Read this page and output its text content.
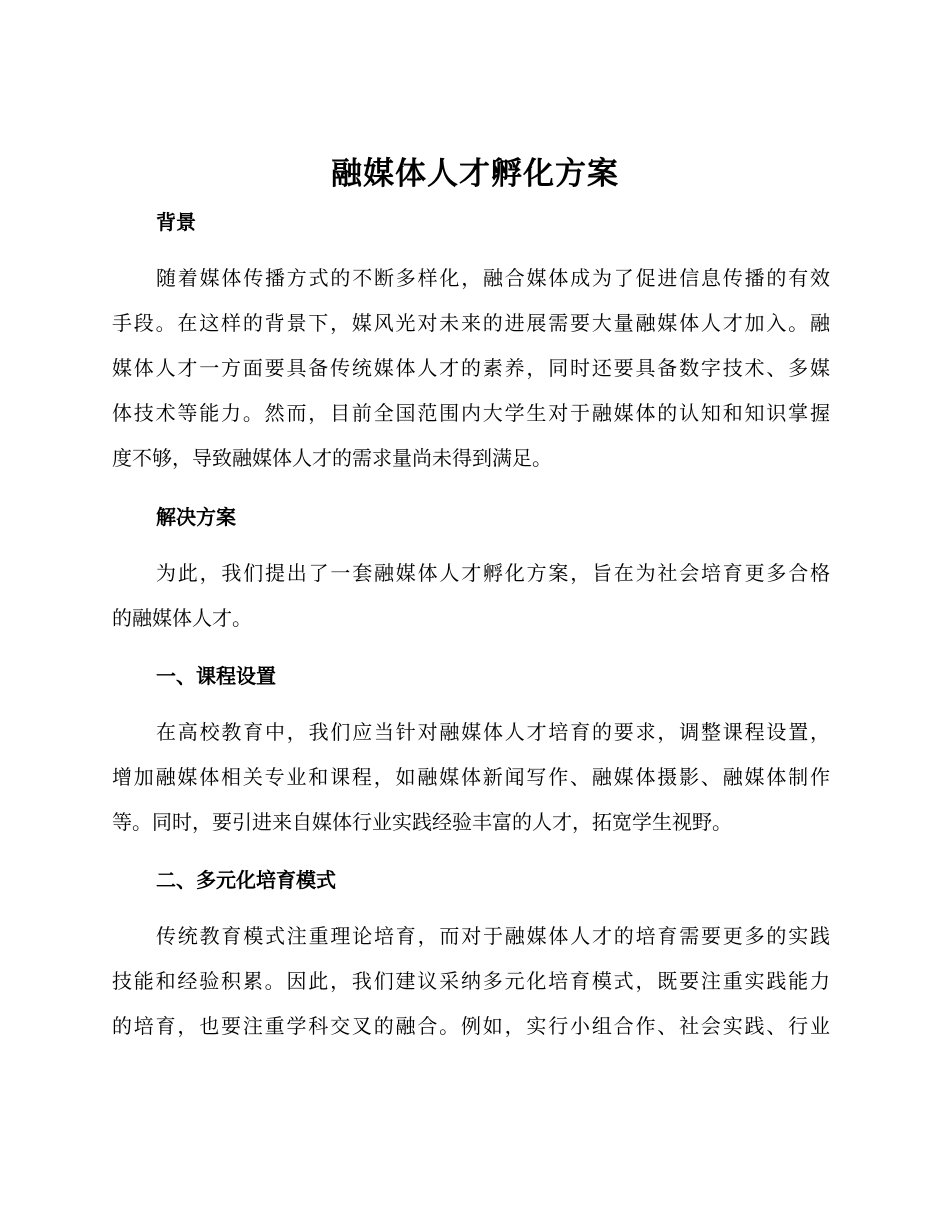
融媒体人才孵化方案
背景
随着媒体传播方式的不断多样化，融合媒体成为了促进信息传播的有效
手段。在这样的背景下，媒风光对未来的进展需要大量融媒体人才加入。融
媒体人才一方面要具备传统媒体人才的素养，同时还要具备数字技术、多媒
体技术等能力。然而，目前全国范围内大学生对于融媒体的认知和知识掌握
度不够，导致融媒体人才的需求量尚未得到满足。
解决方案
为此，我们提出了一套融媒体人才孵化方案，旨在为社会培育更多合格
的融媒体人才。
一、课程设置
在高校教育中，我们应当针对融媒体人才培育的要求，调整课程设置，
增加融媒体相关专业和课程，如融媒体新闻写作、融媒体摄影、融媒体制作
等。同时，要引进来自媒体行业实践经验丰富的人才，拓宽学生视野。
二、多元化培育模式
传统教育模式注重理论培育，而对于融媒体人才的培育需要更多的实践
技能和经验积累。因此，我们建议采纳多元化培育模式，既要注重实践能力
的培育，也要注重学科交叉的融合。例如，实行小组合作、社会实践、行业
